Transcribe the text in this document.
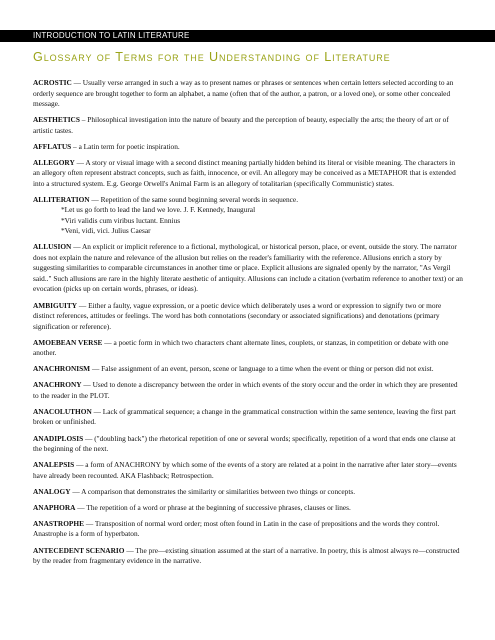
INTRODUCTION TO LATIN LITERATURE
Glossary of Terms for the Understanding of Literature

ACROSTIC — Usually verse arranged in such a way as to present names or phrases or sentences when certain letters selected according to an orderly sequence are brought together to form an alphabet, a name (often that of the author, a patron, or a loved one), or some other concealed message.

AESTHETICS – Philosophical investigation into the nature of beauty and the perception of beauty, especially the arts; the theory of art or of artistic tastes.

AFFLATUS – a Latin term for poetic inspiration.

ALLEGORY — A story or visual image with a second distinct meaning partially hidden behind its literal or visible meaning. The characters in an allegory often represent abstract concepts, such as faith, innocence, or evil. An allegory may be conceived as a METAPHOR that is extended into a structured system. E.g. George Orwell's Animal Farm is an allegory of totalitarian (specifically Communistic) states.

ALLITERATION — Repetition of the same sound beginning several words in sequence.
*Let us go forth to lead the land we love. J. F. Kennedy, Inaugural
*Viri validis cum viribus luctant. Ennius
*Veni, vidi, vici. Julius Caesar

ALLUSION — An explicit or implicit reference to a fictional, mythological, or historical person, place, or event, outside the story. The narrator does not explain the nature and relevance of the allusion but relies on the reader's familiarity with the reference. Allusions enrich a story by suggesting similarities to comparable circumstances in another time or place. Explicit allusions are signaled openly by the narrator, "As Vergil said.." Such allusions are rare in the highly literate aesthetic of antiquity. Allusions can include a citation (verbatim reference to another text) or an evocation (picks up on certain words, phrases, or ideas).

AMBIGUITY — Either a faulty, vague expression, or a poetic device which deliberately uses a word or expression to signify two or more distinct references, attitudes or feelings. The word has both connotations (secondary or associated significations) and denotations (primary signification or reference).

AMOEBEAN VERSE — a poetic form in which two characters chant alternate lines, couplets, or stanzas, in competition or debate with one another.

ANACHRONISM — False assignment of an event, person, scene or language to a time when the event or thing or person did not exist.

ANACHRONY — Used to denote a discrepancy between the order in which events of the story occur and the order in which they are presented to the reader in the PLOT.

ANACOLUTHON — Lack of grammatical sequence; a change in the grammatical construction within the same sentence, leaving the first part broken or unfinished.

ANADIPLOSIS — ("doubling back") the rhetorical repetition of one or several words; specifically, repetition of a word that ends one clause at the beginning of the next.

ANALEPSIS — a form of ANACHRONY by which some of the events of a story are related at a point in the narrative after later story—events have already been recounted. AKA Flashback; Retrospection.

ANALOGY — A comparison that demonstrates the similarity or similarities between two things or concepts.

ANAPHORA — The repetition of a word or phrase at the beginning of successive phrases, clauses or lines.

ANASTROPHE — Transposition of normal word order; most often found in Latin in the case of prepositions and the words they control. Anastrophe is a form of hyperbaton.

ANTECEDENT SCENARIO — The pre—existing situation assumed at the start of a narrative. In poetry, this is almost always re—constructed by the reader from fragmentary evidence in the narrative.
